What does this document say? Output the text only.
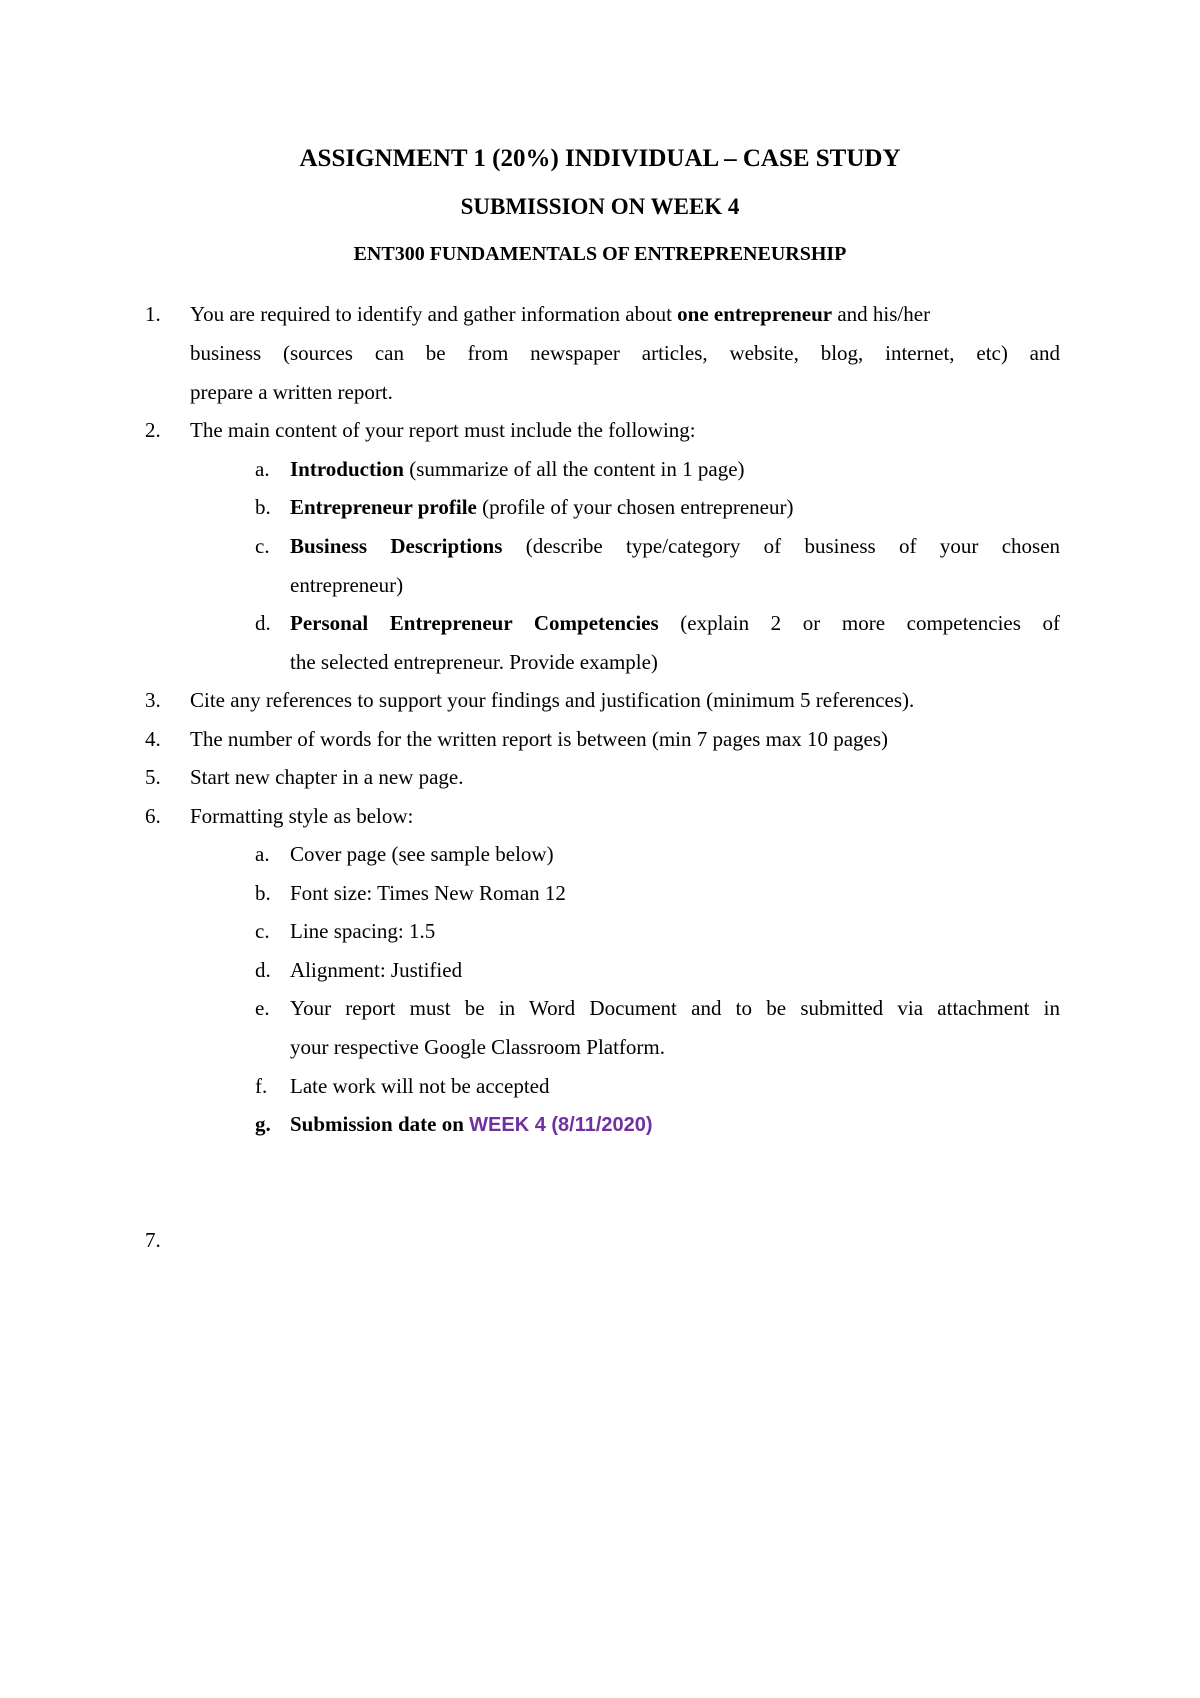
ASSIGNMENT 1 (20%) INDIVIDUAL – CASE STUDY
SUBMISSION ON WEEK 4
ENT300 FUNDAMENTALS OF ENTREPRENEURSHIP
1. You are required to identify and gather information about one entrepreneur and his/her
business (sources can be from newspaper articles, website, blog, internet, etc) and
prepare a written report.
2. The main content of your report must include the following:
a. Introduction (summarize of all the content in 1 page)
b. Entrepreneur profile (profile of your chosen entrepreneur)
c. Business Descriptions (describe type/category of business of your chosen
entrepreneur)
d. Personal Entrepreneur Competencies (explain 2 or more competencies of
the selected entrepreneur. Provide example)
3. Cite any references to support your findings and justification (minimum 5 references).
4. The number of words for the written report is between (min 7 pages max 10 pages)
5. Start new chapter in a new page.
6. Formatting style as below:
a. Cover page (see sample below)
b. Font size: Times New Roman 12
c. Line spacing: 1.5
d. Alignment: Justified
e. Your report must be in Word Document and to be submitted via attachment in
your respective Google Classroom Platform.
f. Late work will not be accepted
g. Submission date on WEEK 4 (8/11/2020)
7.
